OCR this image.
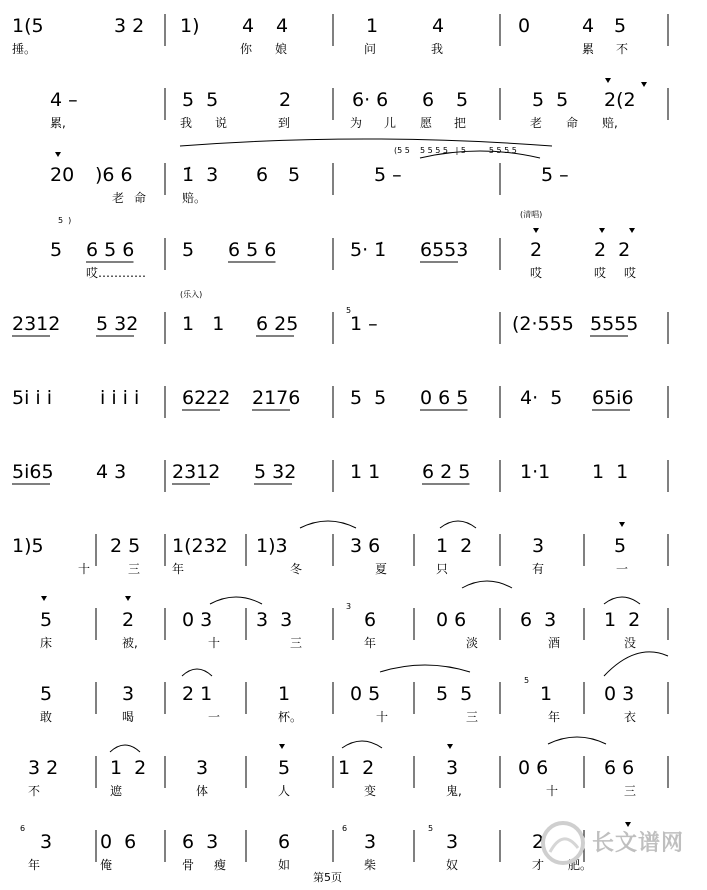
1(5	3 2 1) 4 4	1	4	0	4 5
捶。	你 娘	问	我	累 不
4 –	5  5	2	6· 6 6 5	5  5 2(2
累,	我 说	到	为 儿 愿 把	老 命 赔,
20 )6 6	1̇  3 6 5	5 –	5 –
老 命	赔。
5 6 5 6	5 6 5 6	5· 1̇ 6553	2	2  2
哎…………	哎	哎 哎
2312 5 32 1   1 6 25	1 –	(2·555 5555
5i i i	i i i i 6222 2176	5  5 0 6 5	4·  5 65i6
5i65 4 3 2312 5 32	1 1 6 2 5	1·1 1  1
1)5	2 5 1(232 1)3	3 6	1  2	3	5
十	三	年	冬	夏	只	有	一
5	2	0 3 3  3	6	0 6	6  3	1  2
床	被,	十	三	年	淡	酒	没
5	3	2 1	1	0 5	5  5	1	0 3
敢	喝	一	杯。	十	三	年	衣
3 2	1  2	3	5	1  2	3	0 6	6 6
不	遮	体	人	变	鬼,	十	三
3	0  6 6  3	6	3	3	2
年	俺	骨 瘦	如	柴	奴	才 肥。
(5 5    5 5 5 5   | 5         5 5 5 5
5  )
(清唱)
(乐入)
5
3
5
6	6	5
第5页
长文谱网
